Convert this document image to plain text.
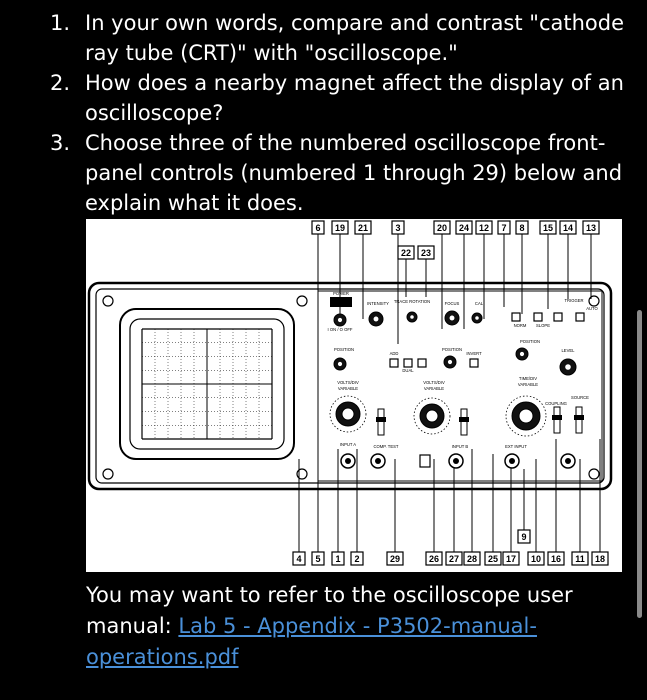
1. In your own words, compare and contrast "cathode ray tube (CRT)" with "oscilloscope."
2. How does a nearby magnet affect the display of an oscilloscope?
3. Choose three of the numbered oscilloscope front-panel controls (numbered 1 through 29) below and explain what it does.
6 19 21	3	20 24 12 7 8 15 14 13
22 23
4 5 1 2	29	26 27 28 25 17 10 16 11 18
9
POWER
INTENSITY TRACE ROTATION	FOCUS	CAL
TRIGGER
AUTO
NORM SLOPE
LEVEL
POSITION	POSITION
POSITION
ADD
DUAL
INVERT
VOLTS/DIV
VARIABLE
VOLTS/DIV
VARIABLE
TIME/DIV
VARIABLE
SOURCE
COUPLING
INPUT A	COMP. TEST	INPUT B	EXT INPUT
I ON / O OFF
You may want to refer to the oscilloscope user manual: Lab 5 - Appendix - P3502-manual-operations.pdf
